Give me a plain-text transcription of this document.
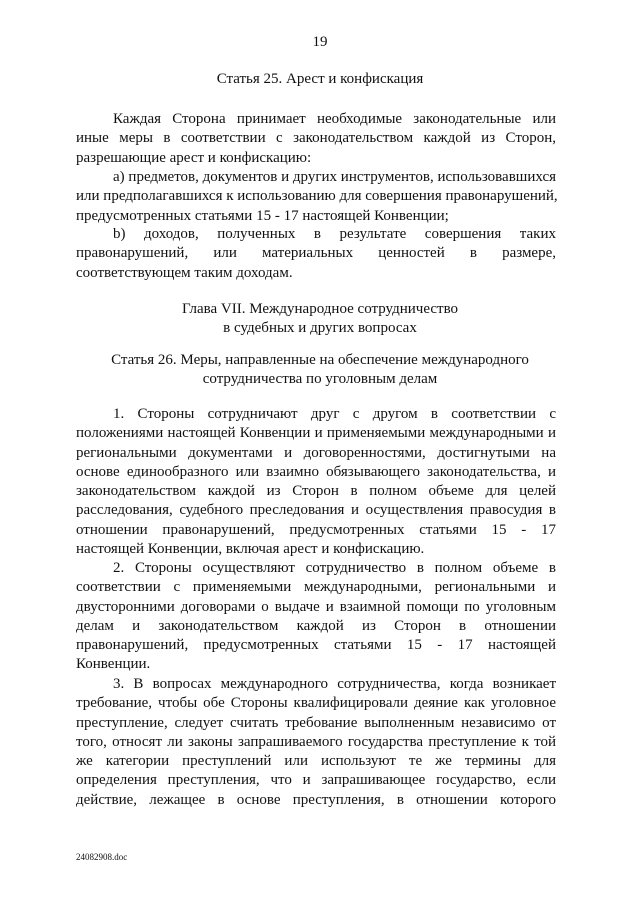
19
Статья 25. Арест и конфискация
Каждая Сторона принимает необходимые законодательные или
иные меры в соответствии с законодательством каждой из Сторон,
разрешающие арест и конфискацию:
а) предметов, документов и других инструментов, использовавшихся
или предполагавшихся к использованию для совершения правонарушений,
предусмотренных статьями 15 - 17 настоящей Конвенции;
b) доходов, полученных в результате совершения таких
правонарушений, или материальных ценностей в размере,
соответствующем таким доходам.
Глава VII. Международное сотрудничество
в судебных и других вопросах
Статья 26. Меры, направленные на обеспечение международного
сотрудничества по уголовным делам
1. Стороны сотрудничают друг с другом в соответствии с
положениями настоящей Конвенции и применяемыми международными и
региональными документами и договоренностями, достигнутыми на
основе единообразного или взаимно обязывающего законодательства, и
законодательством каждой из Сторон в полном объеме для целей
расследования, судебного преследования и осуществления правосудия в
отношении правонарушений, предусмотренных статьями 15 - 17
настоящей Конвенции, включая арест и конфискацию.
2. Стороны осуществляют сотрудничество в полном объеме в
соответствии с применяемыми международными, региональными и
двусторонними договорами о выдаче и взаимной помощи по уголовным
делам и законодательством каждой из Сторон в отношении
правонарушений, предусмотренных статьями 15 - 17 настоящей
Конвенции.
3. В вопросах международного сотрудничества, когда возникает
требование, чтобы обе Стороны квалифицировали деяние как уголовное
преступление, следует считать требование выполненным независимо от
того, относят ли законы запрашиваемого государства преступление к той
же категории преступлений или используют те же термины для
определения преступления, что и запрашивающее государство, если
действие, лежащее в основе преступления, в отношении которого
24082908.doc
